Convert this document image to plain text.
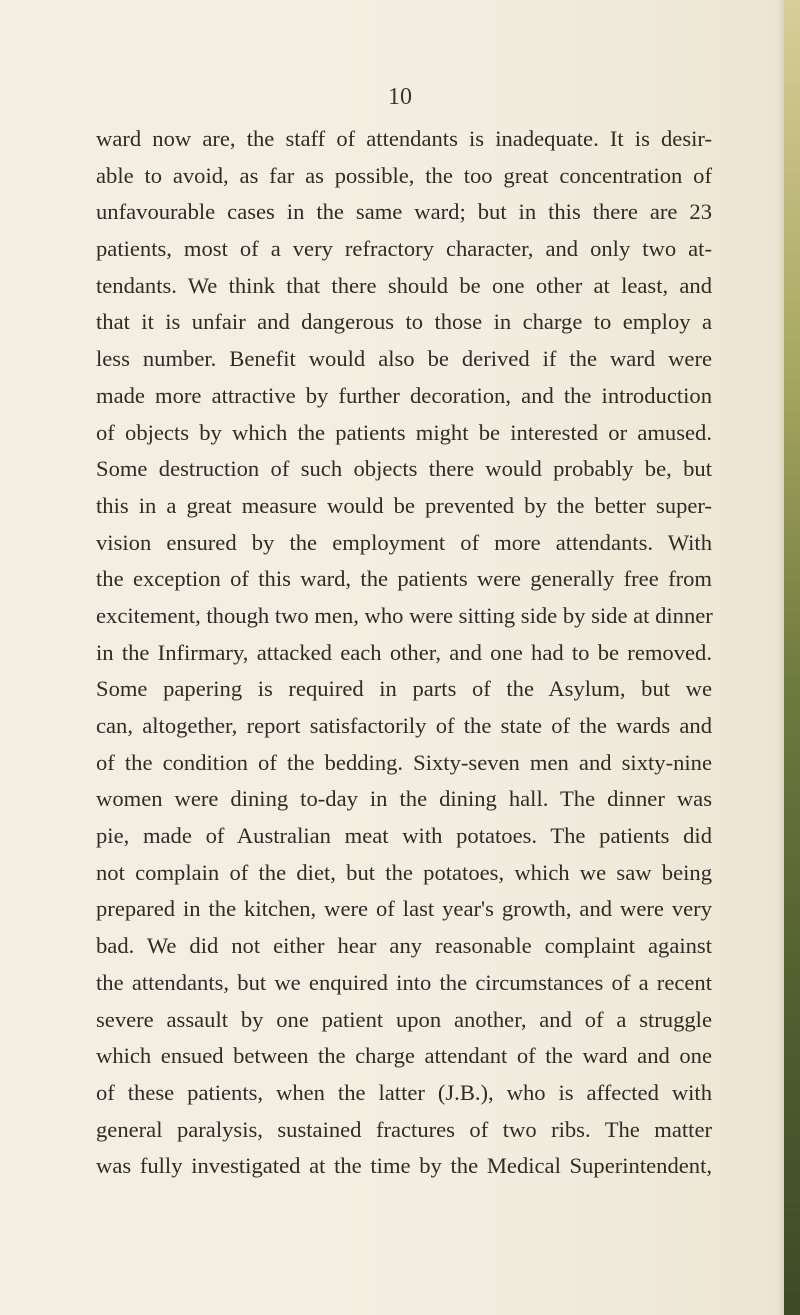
10

ward now are, the staff of attendants is inadequate. It is desir-
able to avoid, as far as possible, the too great concentration of
unfavourable cases in the same ward; but in this there are 23
patients, most of a very refractory character, and only two at-
tendants. We think that there should be one other at least, and
that it is unfair and dangerous to those in charge to employ a
less number. Benefit would also be derived if the ward were
made more attractive by further decoration, and the introduction
of objects by which the patients might be interested or amused.
Some destruction of such objects there would probably be, but
this in a great measure would be prevented by the better super-
vision ensured by the employment of more attendants. With
the exception of this ward, the patients were generally free from
excitement, though two men, who were sitting side by side at dinner
in the Infirmary, attacked each other, and one had to be removed.
Some papering is required in parts of the Asylum, but we
can, altogether, report satisfactorily of the state of the wards and
of the condition of the bedding. Sixty-seven men and sixty-nine
women were dining to-day in the dining hall. The dinner was
pie, made of Australian meat with potatoes. The patients did
not complain of the diet, but the potatoes, which we saw being
prepared in the kitchen, were of last year's growth, and were very
bad. We did not either hear any reasonable complaint against
the attendants, but we enquired into the circumstances of a recent
severe assault by one patient upon another, and of a struggle
which ensued between the charge attendant of the ward and one
of these patients, when the latter (J.B.), who is affected with
general paralysis, sustained fractures of two ribs. The matter
was fully investigated at the time by the Medical Superintendent,
